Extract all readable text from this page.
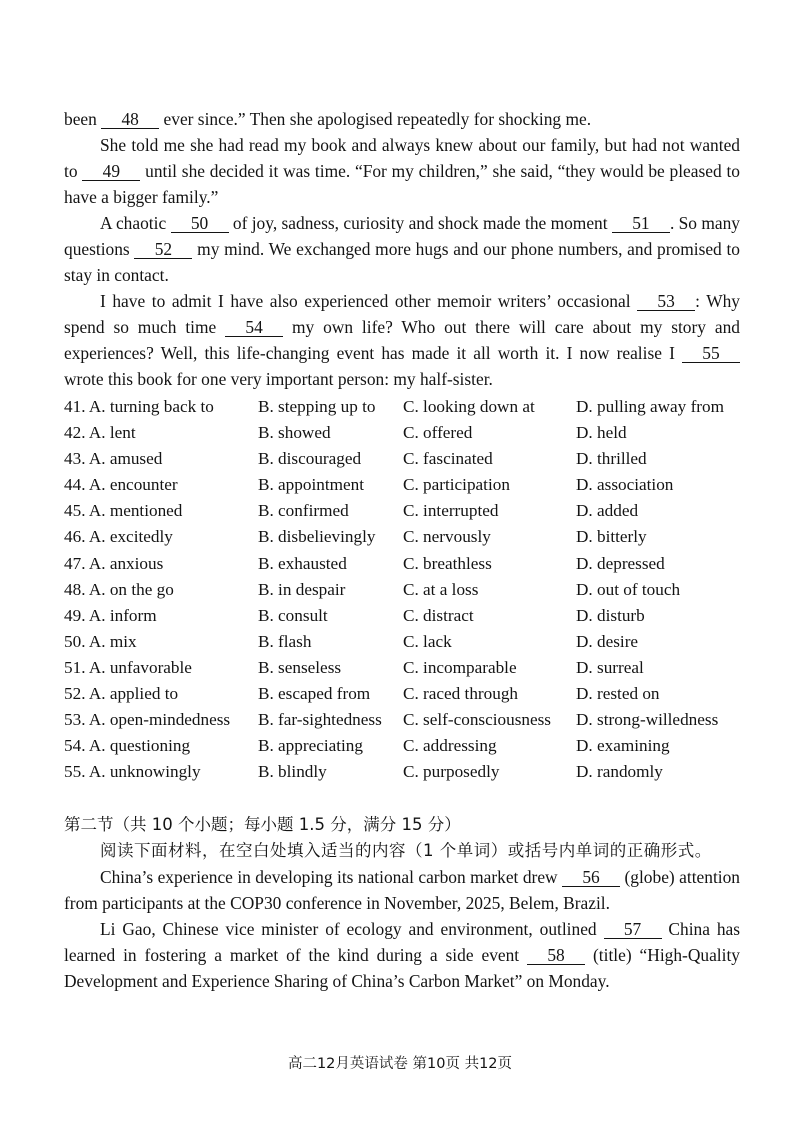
been 48 ever since.” Then she apologised repeatedly for shocking me.

She told me she had read my book and always knew about our family, but had not wanted to 49 until she decided it was time. “For my children,” she said, “they would be pleased to have a bigger family.”

A chaotic 50 of joy, sadness, curiosity and shock made the moment 51 . So many questions 52 my mind. We exchanged more hugs and our phone numbers, and promised to stay in contact.

I have to admit I have also experienced other memoir writers’ occasional 53 : Why spend so much time 54 my own life? Who out there will care about my story and experiences? Well, this life-changing event has made it all worth it. I now realise I 55 wrote this book for one very important person: my half-sister.

41. A. turning back to	B. stepping up to	C. looking down at	D. pulling away from
42. A. lent	B. showed	C. offered	D. held
43. A. amused	B. discouraged	C. fascinated	D. thrilled
44. A. encounter	B. appointment	C. participation	D. association
45. A. mentioned	B. confirmed	C. interrupted	D. added
46. A. excitedly	B. disbelievingly	C. nervously	D. bitterly
47. A. anxious	B. exhausted	C. breathless	D. depressed
48. A. on the go	B. in despair	C. at a loss	D. out of touch
49. A. inform	B. consult	C. distract	D. disturb
50. A. mix	B. flash	C. lack	D. desire
51. A. unfavorable	B. senseless	C. incomparable	D. surreal
52. A. applied to	B. escaped from	C. raced through	D. rested on
53. A. open-mindedness	B. far-sightedness	C. self-consciousness	D. strong-willedness
54. A. questioning	B. appreciating	C. addressing	D. examining
55. A. unknowingly	B. blindly	C. purposedly	D. randomly

第二节（共 10 个小题；每小题 1.5 分，满分 15 分）

阅读下面材料，在空白处填入适当的内容（1 个单词）或括号内单词的正确形式。

China’s experience in developing its national carbon market drew 56 (globe) attention from participants at the COP30 conference in November, 2025, Belem, Brazil.

Li Gao, Chinese vice minister of ecology and environment, outlined 57 China has learned in fostering a market of the kind during a side event 58 (title) “High-Quality Development and Experience Sharing of China’s Carbon Market” on Monday.

高二12月英语试卷 第10页 共12页
